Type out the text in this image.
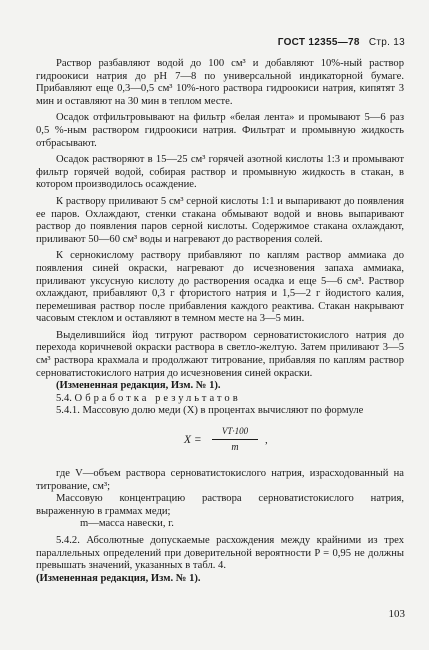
ГОСТ 12355—78 Стр. 13

Раствор разбавляют водой до 100 см³ и добавляют 10%-ный раствор гидроокиси натрия до pH 7—8 по универсальной индикаторной бумаге. Прибавляют еще 0,3—0,5 см³ 10%-ного раствора гидроокиси натрия, кипятят 3 мин и оставляют на 30 мин в теплом месте.

Осадок отфильтровывают на фильтр «белая лента» и промывают 5—6 раз 0,5 %-ным раствором гидроокиси натрия. Фильтрат и промывную жидкость отбрасывают.

Осадок растворяют в 15—25 см³ горячей азотной кислоты 1:3 и промывают фильтр горячей водой, собирая раствор и промывную жидкость в стакан, в котором производилось осаждение.

К раствору приливают 5 см³ серной кислоты 1:1 и выпаривают до появления ее паров. Охлаждают, стенки стакана обмывают водой и вновь выпаривают раствор до появления паров серной кислоты. Содержимое стакана охлаждают, приливают 50—60 см³ воды и нагревают до растворения солей.

К сернокислому раствору прибавляют по каплям раствор аммиака до появления синей окраски, нагревают до исчезновения запаха аммиака, приливают уксусную кислоту до растворения осадка и еще 5—6 см³. Раствор охлаждают, прибавляют 0,3 г фтористого натрия и 1,5—2 г йодистого калия, перемешивая раствор после прибавления каждого реактива. Стакан накрывают часовым стеклом и оставляют в темном месте на 3—5 мин.

Выделившийся йод титруют раствором серноватистокислого натрия до перехода коричневой окраски раствора в светло-желтую. Затем приливают 3—5 см³ раствора крахмала и продолжают титрование, прибавляя по каплям раствор серноватистокислого натрия до исчезновения синей окраски.

(Измененная редакция, Изм. № 1).

5.4. Обработка результатов

5.4.1. Массовую долю меди (X) в процентах вычисляют по формуле

$X = \frac{VT\cdot 100}{m}$ ,

где V—объем раствора серноватистокислого натрия, израсходованный на титрование, см³;

Массовую концентрацию раствора серноватистокислого натрия, выраженную в граммах меди;

m—масса навески, г.

5.4.2. Абсолютные допускаемые расхождения между крайними из трех параллельных определений при доверительной вероятности P = 0,95 не должны превышать значений, указанных в табл. 4.

(Измененная редакция, Изм. № 1).

103
